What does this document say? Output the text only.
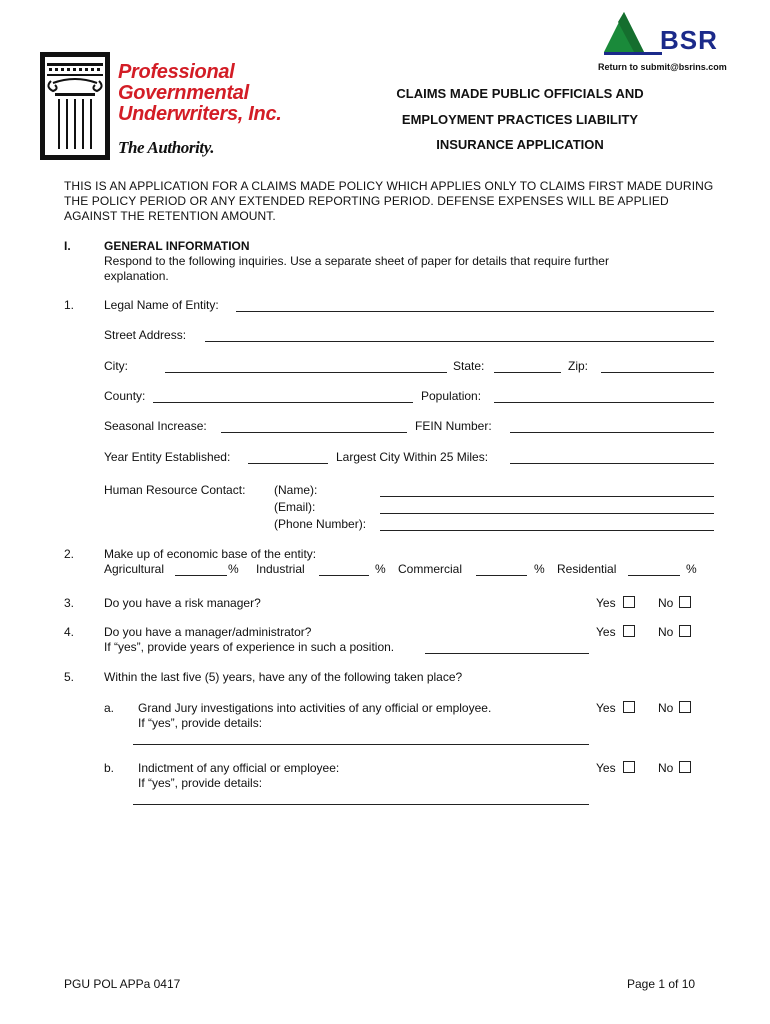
Professional
Governmental
Underwriters, Inc.
The Authority.
BSR
Return to submit@bsrins.com
CLAIMS MADE PUBLIC OFFICIALS AND
EMPLOYMENT PRACTICES LIABILITY
INSURANCE APPLICATION
THIS IS AN APPLICATION FOR A CLAIMS MADE POLICY WHICH APPLIES ONLY TO CLAIMS FIRST MADE DURING THE POLICY PERIOD OR ANY EXTENDED REPORTING PERIOD. DEFENSE EXPENSES WILL BE APPLIED AGAINST THE RETENTION AMOUNT.
I.	GENERAL INFORMATION
Respond to the following inquiries. Use a separate sheet of paper for details that require further explanation.
1. Legal Name of Entity:
Street Address:
City:	State:	Zip:
County:	Population:
Seasonal Increase:	FEIN Number:
Year Entity Established:	Largest City Within 25 Miles:
Human Resource Contact: (Name):
(Email):
(Phone Number):
2. Make up of economic base of the entity:
Agricultural	% Industrial	% Commercial	% Residential	%
3. Do you have a risk manager?	Yes	No
4. Do you have a manager/administrator?
If “yes”, provide years of experience in such a position.
Yes	No
5. Within the last five (5) years, have any of the following taken place?
a. Grand Jury investigations into activities of any official or employee.
If “yes”, provide details:
Yes	No
b. Indictment of any official or employee:
If “yes”, provide details:
Yes	No
PGU POL APPa 0417	Page 1 of 10
